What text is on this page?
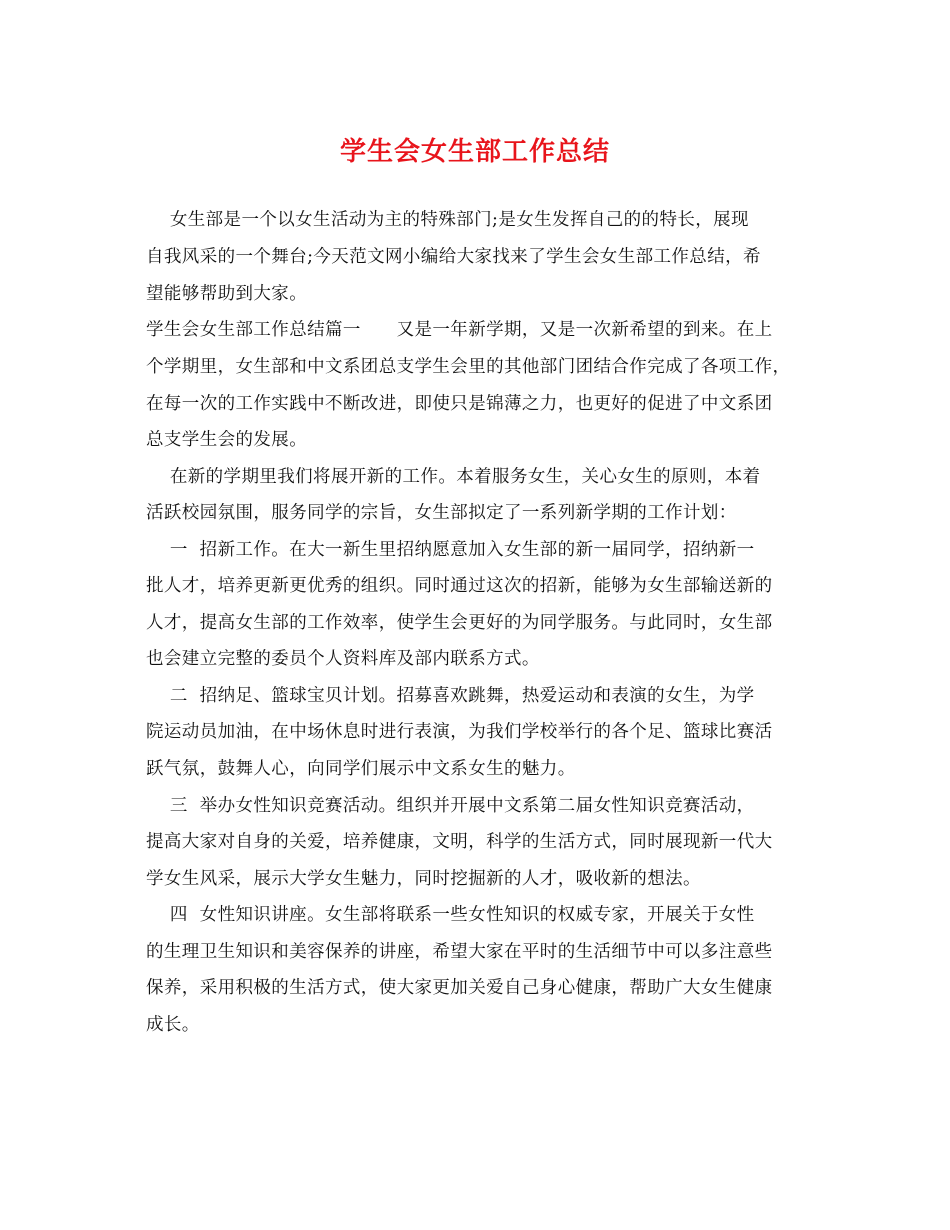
学生会女生部工作总结
女生部是一个以女生活动为主的特殊部门;是女生发挥自己的的特长，展现
自我风采的一个舞台;今天范文网小编给大家找来了学生会女生部工作总结，希
望能够帮助到大家。
学生会女生部工作总结篇一　　又是一年新学期，又是一次新希望的到来。在上
个学期里，女生部和中文系团总支学生会里的其他部门团结合作完成了各项工作，
在每一次的工作实践中不断改进，即使只是锦薄之力，也更好的促进了中文系团
总支学生会的发展。
在新的学期里我们将展开新的工作。本着服务女生，关心女生的原则，本着
活跃校园氛围，服务同学的宗旨，女生部拟定了一系列新学期的工作计划：
一  招新工作。在大一新生里招纳愿意加入女生部的新一届同学，招纳新一
批人才，培养更新更优秀的组织。同时通过这次的招新，能够为女生部输送新的
人才，提高女生部的工作效率，使学生会更好的为同学服务。与此同时，女生部
也会建立完整的委员个人资料库及部内联系方式。
二  招纳足、篮球宝贝计划。招募喜欢跳舞，热爱运动和表演的女生，为学
院运动员加油，在中场休息时进行表演，为我们学校举行的各个足、篮球比赛活
跃气氛，鼓舞人心，向同学们展示中文系女生的魅力。
三  举办女性知识竞赛活动。组织并开展中文系第二届女性知识竞赛活动，
提高大家对自身的关爱，培养健康，文明，科学的生活方式，同时展现新一代大
学女生风采，展示大学女生魅力，同时挖掘新的人才，吸收新的想法。
四  女性知识讲座。女生部将联系一些女性知识的权威专家，开展关于女性
的生理卫生知识和美容保养的讲座，希望大家在平时的生活细节中可以多注意些
保养，采用积极的生活方式，使大家更加关爱自己身心健康，帮助广大女生健康
成长。
